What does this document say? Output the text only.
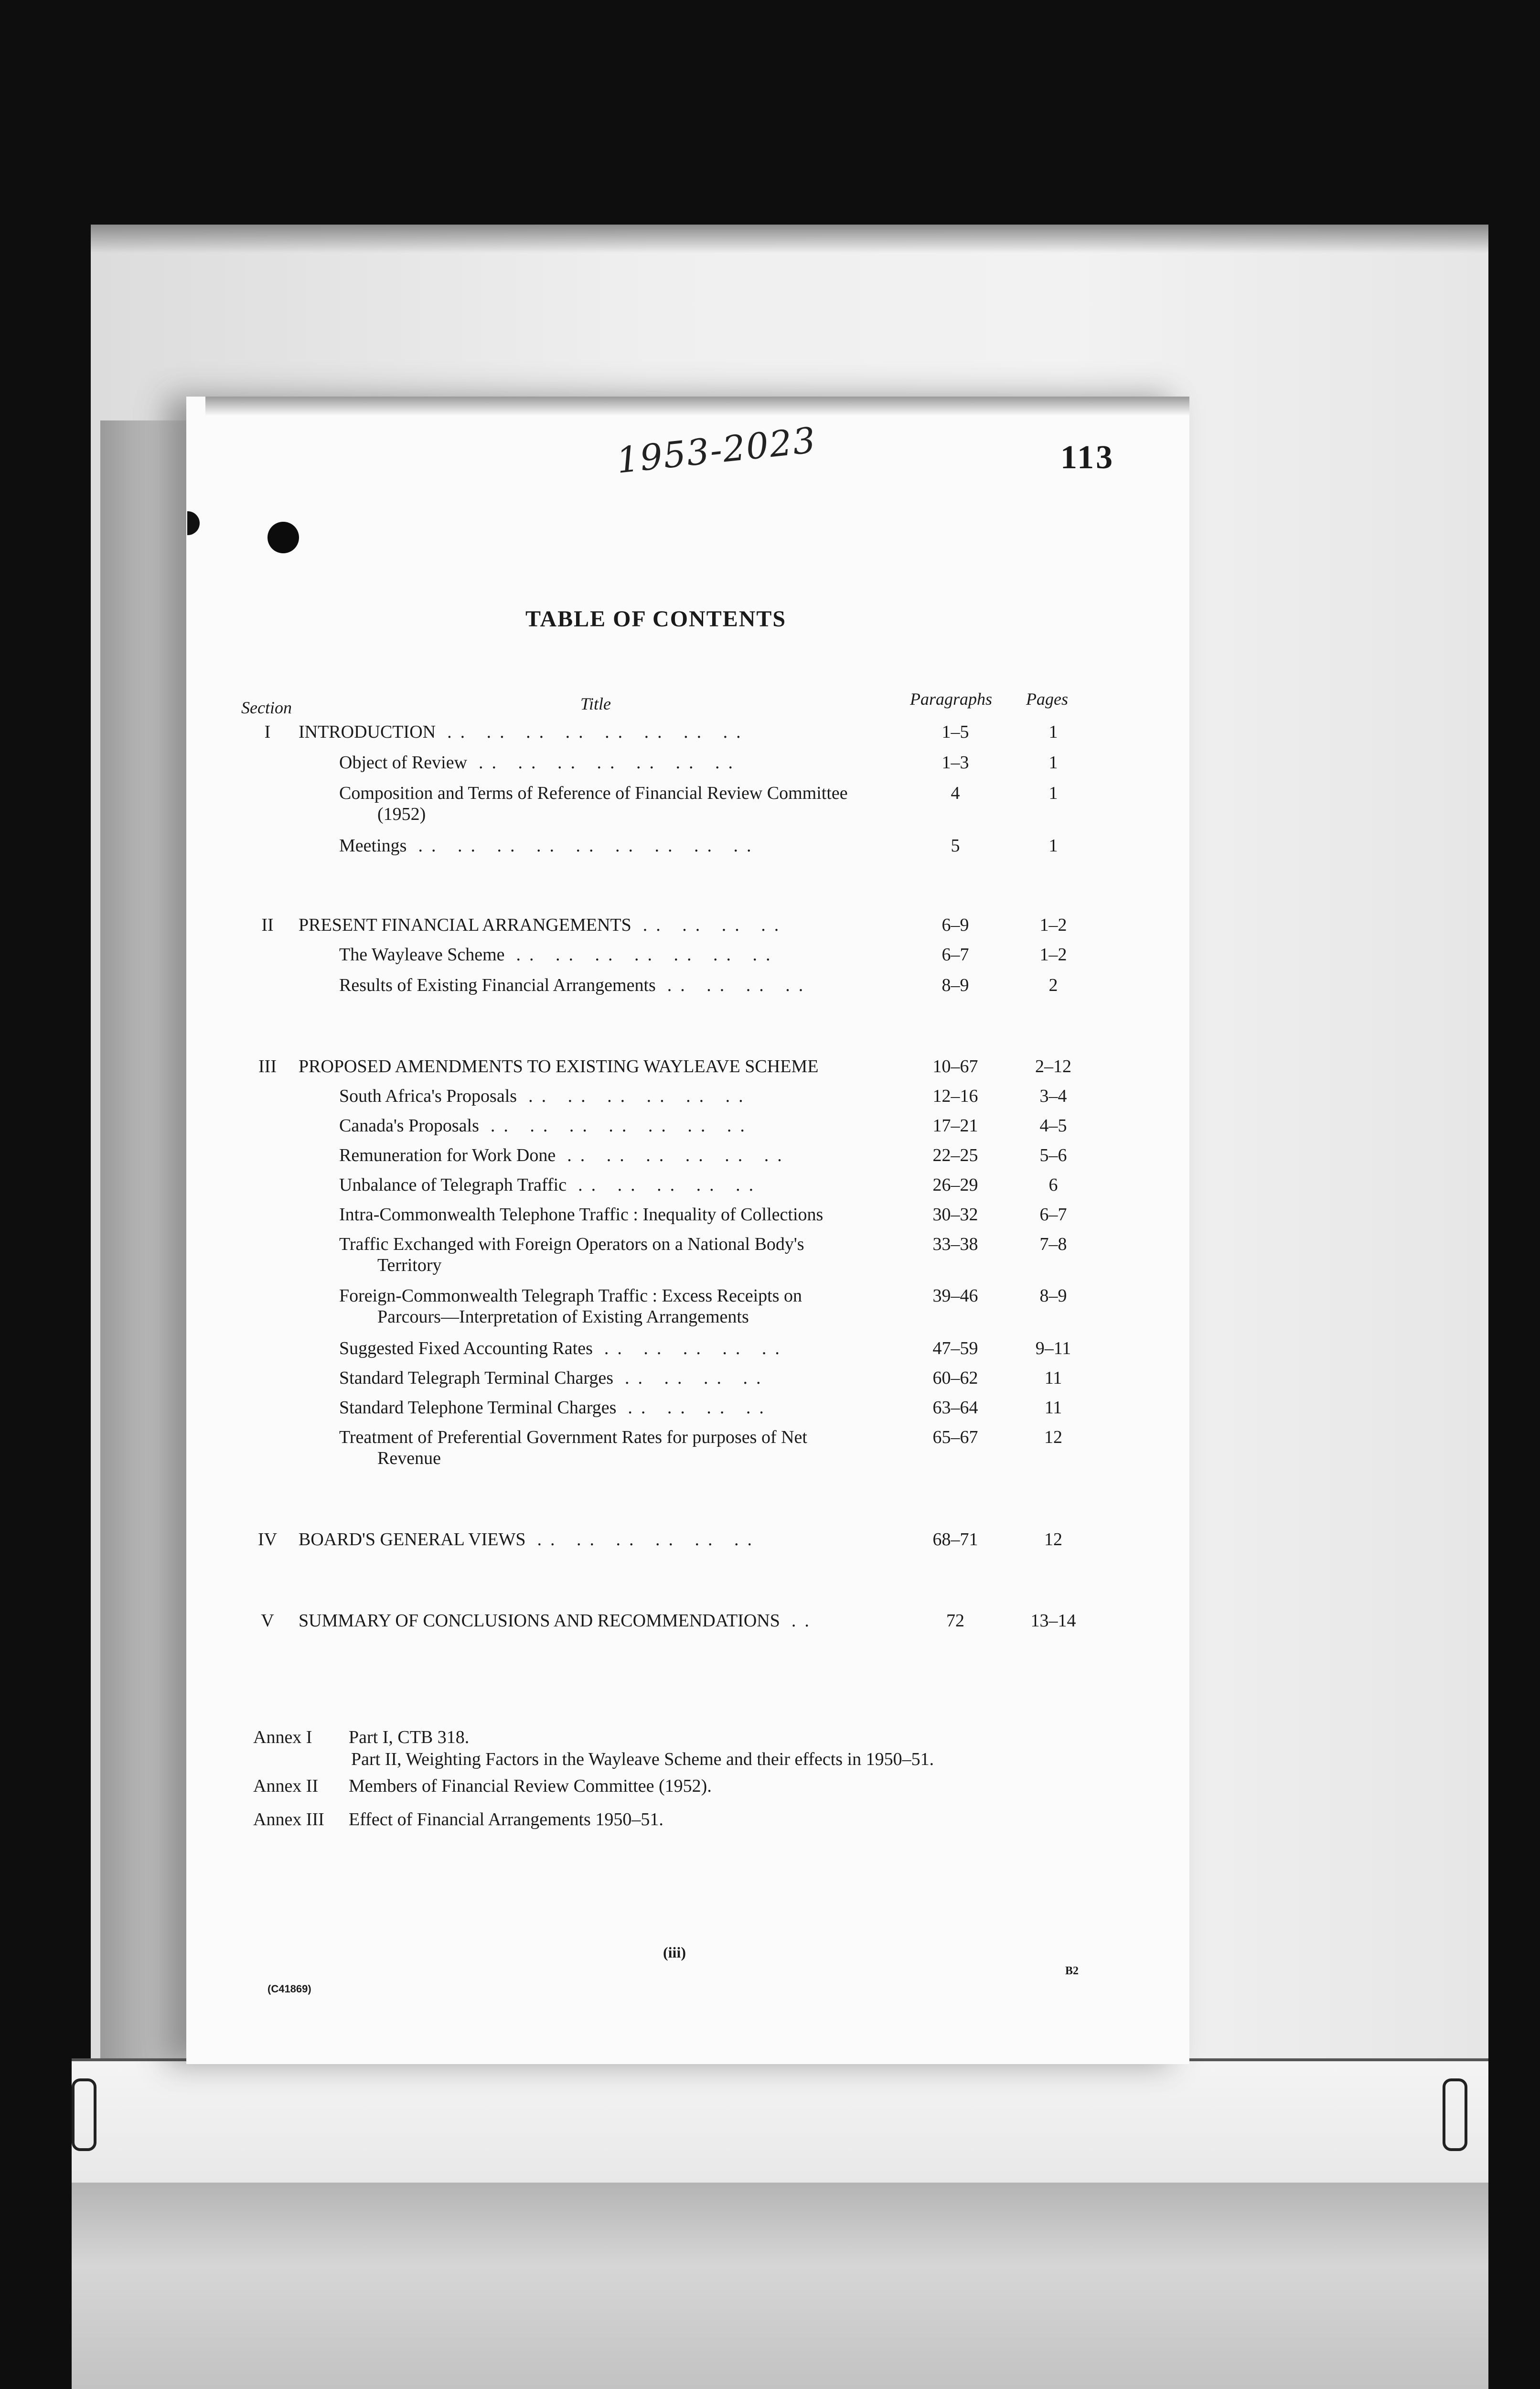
1953-2023	113
TABLE OF CONTENTS
Section	Title	Paragraphs Pages
I	INTRODUCTION .. .. .. .. .. .. .. ..	1–5	1
Object of Review .. .. .. .. .. .. ..	1–3	1
Composition and Terms of Reference of Financial Review Committee
(1952)
4	1
Meetings .. .. .. .. .. .. .. .. ..	5	1
II	PRESENT FINANCIAL ARRANGEMENTS .. .. .. ..	6–9	1–2
The Wayleave Scheme .. .. .. .. .. .. ..	6–7	1–2
Results of Existing Financial Arrangements .. .. .. ..	8–9	2
III	PROPOSED AMENDMENTS TO EXISTING WAYLEAVE SCHEME	10–67	2–12
South Africa's Proposals .. .. .. .. .. ..	12–16	3–4
Canada's Proposals .. .. .. .. .. .. ..	17–21	4–5
Remuneration for Work Done .. .. .. .. .. ..	22–25	5–6
Unbalance of Telegraph Traffic .. .. .. .. ..	26–29	6
Intra-Commonwealth Telephone Traffic : Inequality of Collections	30–32	6–7
Traffic Exchanged with Foreign Operators on a National Body's
Territory
33–38	7–8
Foreign-Commonwealth Telegraph Traffic : Excess Receipts on
Parcours—Interpretation of Existing Arrangements
39–46	8–9
Suggested Fixed Accounting Rates .. .. .. .. ..	47–59	9–11
Standard Telegraph Terminal Charges .. .. .. ..	60–62	11
Standard Telephone Terminal Charges .. .. .. ..	63–64	11
Treatment of Preferential Government Rates for purposes of Net
Revenue
65–67	12
IV	BOARD'S GENERAL VIEWS .. .. .. .. .. ..	68–71	12
V	SUMMARY OF CONCLUSIONS AND RECOMMENDATIONS ..	72	13–14
Annex I Part I, CTB 318.
Part II, Weighting Factors in the Wayleave Scheme and their effects in 1950–51.
Annex II Members of Financial Review Committee (1952).
Annex III Effect of Financial Arrangements 1950–51.
(iii)
(C41869)
B2
